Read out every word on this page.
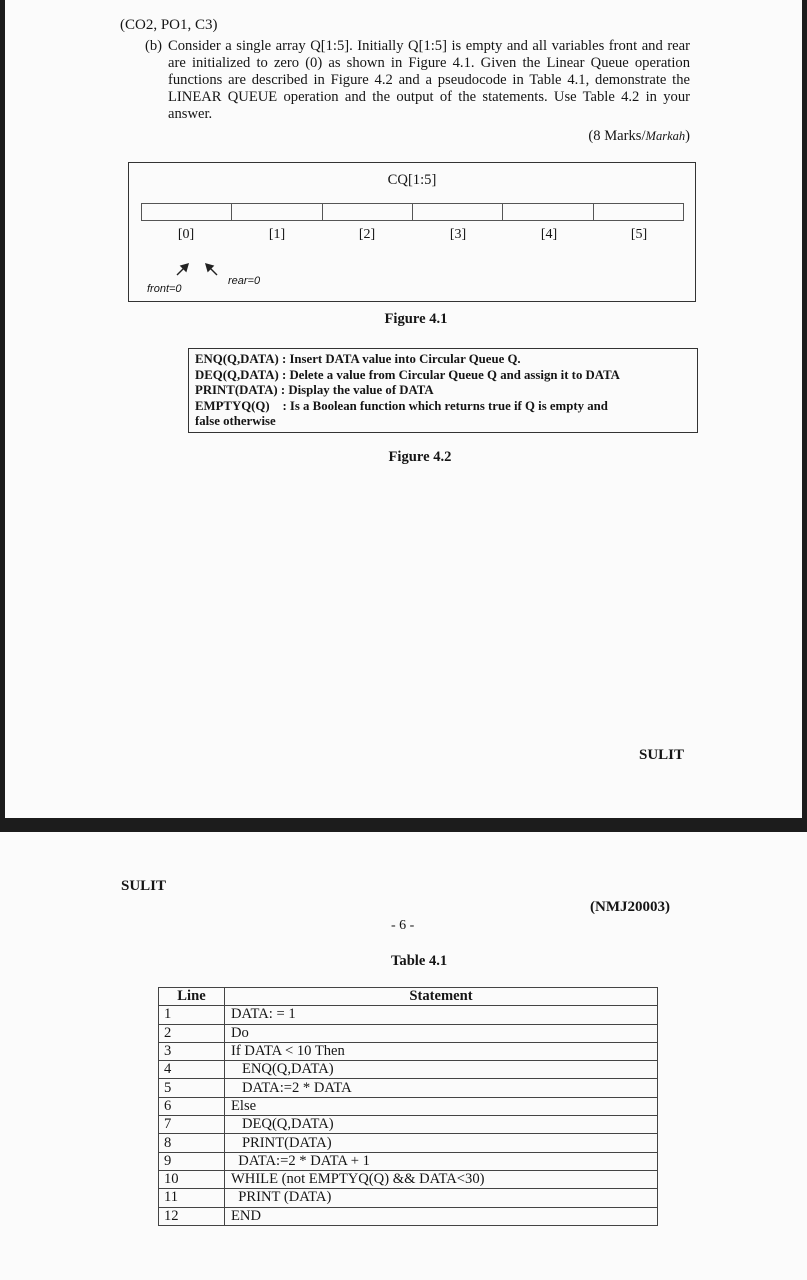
(CO2, PO1, C3)
(b) Consider a single array Q[1:5]. Initially Q[1:5] is empty and all variables front and rear are initialized to zero (0) as shown in Figure 4.1. Given the Linear Queue operation functions are described in Figure 4.2 and a pseudocode in Table 4.1, demonstrate the LINEAR QUEUE operation and the output of the statements. Use Table 4.2 in your answer.
(8 Marks/Markah)
CQ[1:5]
[0]	[1]	[2]	[3]	[4]	[5]
front=0
rear=0
Figure 4.1
ENQ(Q,DATA)
: Insert DATA value into Circular Queue Q.
DEQ(Q,DATA)
: Delete a value from Circular Queue Q and assign it to DATA
PRINT(DATA)
: Display the value of DATA
EMPTYQ(Q)
: Is a Boolean function which returns true if Q is empty and
false otherwise
Figure 4.2
SULIT
SULIT
(NMJ20003)
- 6 -
Table 4.1
Line	Statement
1	DATA: = 1
2	Do
3	If DATA < 10 Then
4	ENQ(Q,DATA)
5	DATA:=2 * DATA
6	Else
7	DEQ(Q,DATA)
8	PRINT(DATA)
9	DATA:=2 * DATA + 1
10	WHILE (not EMPTYQ(Q) && DATA<30)
11	PRINT (DATA)
12	END
